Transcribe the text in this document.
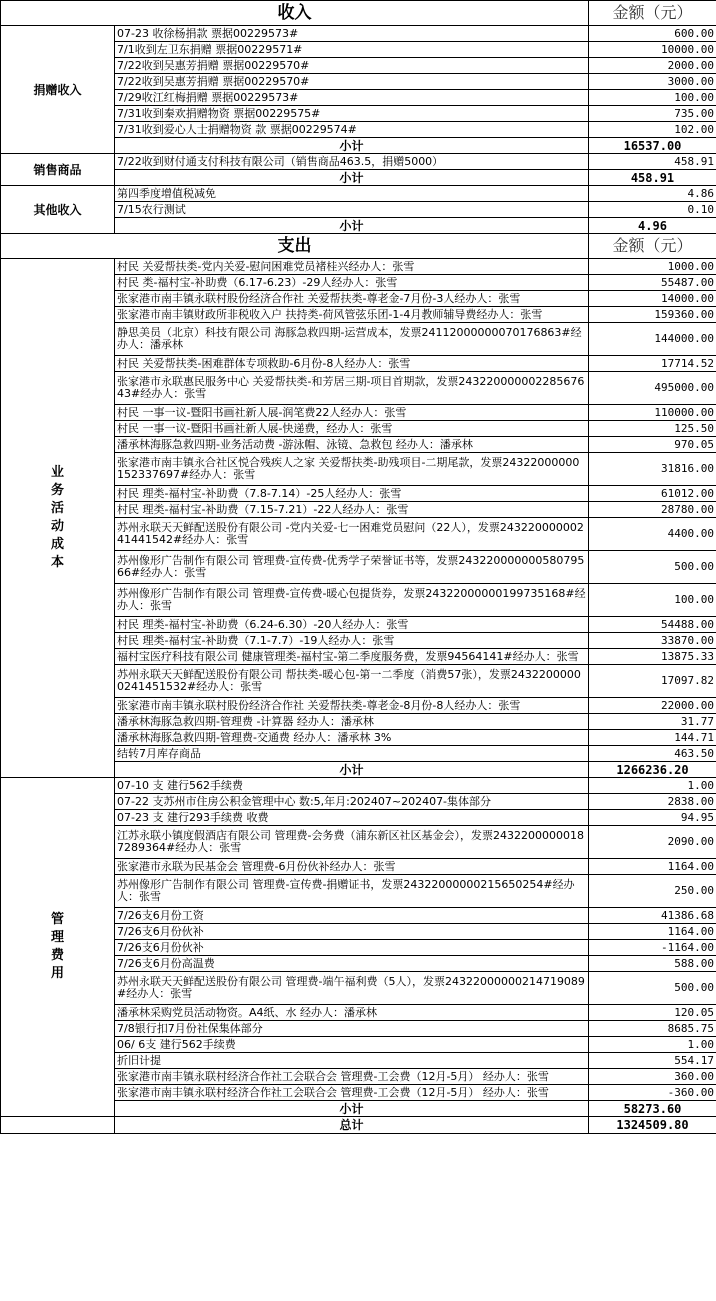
收入		金额（元）
捐赠收入	07-23 收徐杨捐款 票据00229573#	600.00
	7/1收到左卫东捐赠 票据00229571#	10000.00
	7/22收到吴惠芳捐赠 票据00229570#	2000.00
	7/22收到吴惠芳捐赠 票据00229570#	3000.00
	7/29收江红梅捐赠 票据00229573#	100.00
	7/31收到秦欢捐赠物资 票据00229575#	735.00
	7/31收到爱心人士捐赠物资 款 票据00229574#	102.00
	小计	16537.00
销售商品	7/22收到财付通支付科技有限公司（销售商品463.5，捐赠5000）	458.91
	小计	458.91
其他收入	第四季度增值税减免	4.86
	7/15农行测试	0.10
	小计	4.96
支出		金额（元）
业务活动成本	村民 关爱帮扶类-党内关爱-慰问困难党员褚桂兴经办人：张雪	1000.00
	村民 类-福村宝-补助费（6.17-6.23）-29人经办人：张雪	55487.00
	张家港市南丰镇永联村股份经济合作社 关爱帮扶类-尊老金-7月份-3人经办人：张雪	14000.00
	张家港市南丰镇财政所非税收入户 扶持类-荷风管弦乐团-1-4月教师辅导费经办人：张雪	159360.00
	静思美员（北京）科技有限公司 海豚急救四期-运营成本，发票24112000000070176863#经办人：潘承林	144000.00
	村民 关爱帮扶类-困难群体专项救助-6月份-8人经办人：张雪	17714.52
	张家港市永联惠民服务中心 关爱帮扶类-和芳居三期-项目首期款，发票24322000000228567643#经办人：张雪	495000.00
	村民 一事一议-暨阳书画社新人展-润笔费22人经办人：张雪	110000.00
	村民 一事一议-暨阳书画社新人展-快递费，经办人：张雪	125.50
	潘承林海豚急救四期-业务活动费 -游泳帽、泳镜、急救包 经办人：潘承林	970.05
	张家港市南丰镇永合社区悦合残疾人之家 关爱帮扶类-助残项目-二期尾款，发票24322000000152337697#经办人：张雪	31816.00
	村民 理类-福村宝-补助费（7.8-7.14）-25人经办人：张雪	61012.00
	村民 理类-福村宝-补助费（7.15-7.21）-22人经办人：张雪	28780.00
	苏州永联天天鲜配送股份有限公司 -党内关爱-七一困难党员慰问（22人），发票24322000000241441542#经办人：张雪	4400.00
	苏州像形广告制作有限公司 管理费-宣传费-优秀学子荣誉证书等，发票24322000000058079566#经办人：张雪	500.00
	苏州像形广告制作有限公司 管理费-宣传费-暖心包提货券，发票24322000000199735168#经办人：张雪	100.00
	村民 理类-福村宝-补助费（6.24-6.30）-20人经办人：张雪	54488.00
	村民 理类-福村宝-补助费（7.1-7.7）-19人经办人：张雪	33870.00
	福村宝医疗科技有限公司 健康管理类-福村宝-第二季度服务费，发票94564141#经办人：张雪	13875.33
	苏州永联天天鲜配送股份有限公司 帮扶类-暖心包-第一二季度（消费57张），发票24322000000241451532#经办人：张雪	17097.82
	张家港市南丰镇永联村股份经济合作社 关爱帮扶类-尊老金-8月份-8人经办人：张雪	22000.00
	潘承林海豚急救四期-管理费 -计算器 经办人：潘承林	31.77
	潘承林海豚急救四期-管理费-交通费 经办人：潘承林 3%	144.71
	结转7月库存商品	463.50
	小计	1266236.20
管理费用	07-10 支 建行562手续费	1.00
	07-22 支苏州市住房公积金管理中心 数:5,年月:202407~202407-集体部分	2838.00
	07-23 支 建行293手续费 收费	94.95
	江苏永联小镇度假酒店有限公司 管理费-会务费（浦东新区社区基金会），发票24322000000187289364#经办人：张雪	2090.00
	张家港市永联为民基金会 管理费-6月份伙补经办人：张雪	1164.00
	苏州像形广告制作有限公司 管理费-宣传费-捐赠证书，发票24322000000215650254#经办人：张雪	250.00
	7/26支6月份工资	41386.68
	7/26支6月份伙补	1164.00
	7/26支6月份伙补	-1164.00
	7/26支6月份高温费	588.00
	苏州永联天天鲜配送股份有限公司 管理费-端午福利费（5人），发票24322000000214719089#经办人：张雪	500.00
	潘承林采购党员活动物资。A4纸、水 经办人：潘承林	120.05
	7/8银行扣7月份社保集体部分	8685.75
	06/ 6支 建行562手续费	1.00
	折旧计提	554.17
	张家港市南丰镇永联村经济合作社工会联合会 管理费-工会费（12月-5月） 经办人：张雪	360.00
	张家港市南丰镇永联村经济合作社工会联合会 管理费-工会费（12月-5月） 经办人：张雪	-360.00
	小计	58273.60
	总计	1324509.80
